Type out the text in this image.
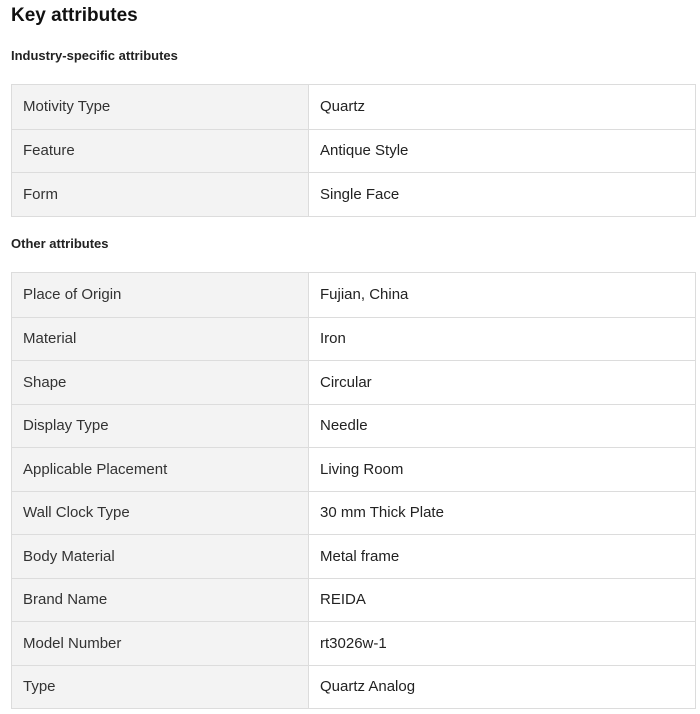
Key attributes
Industry-specific attributes
Motivity Type	Quartz
Feature	Antique Style
Form	Single Face
Other attributes
Place of Origin	Fujian, China
Material	Iron
Shape	Circular
Display Type	Needle
Applicable Placement	Living Room
Wall Clock Type	30 mm Thick Plate
Body Material	Metal frame
Brand Name	REIDA
Model Number	rt3026w-1
Type	Quartz Analog
